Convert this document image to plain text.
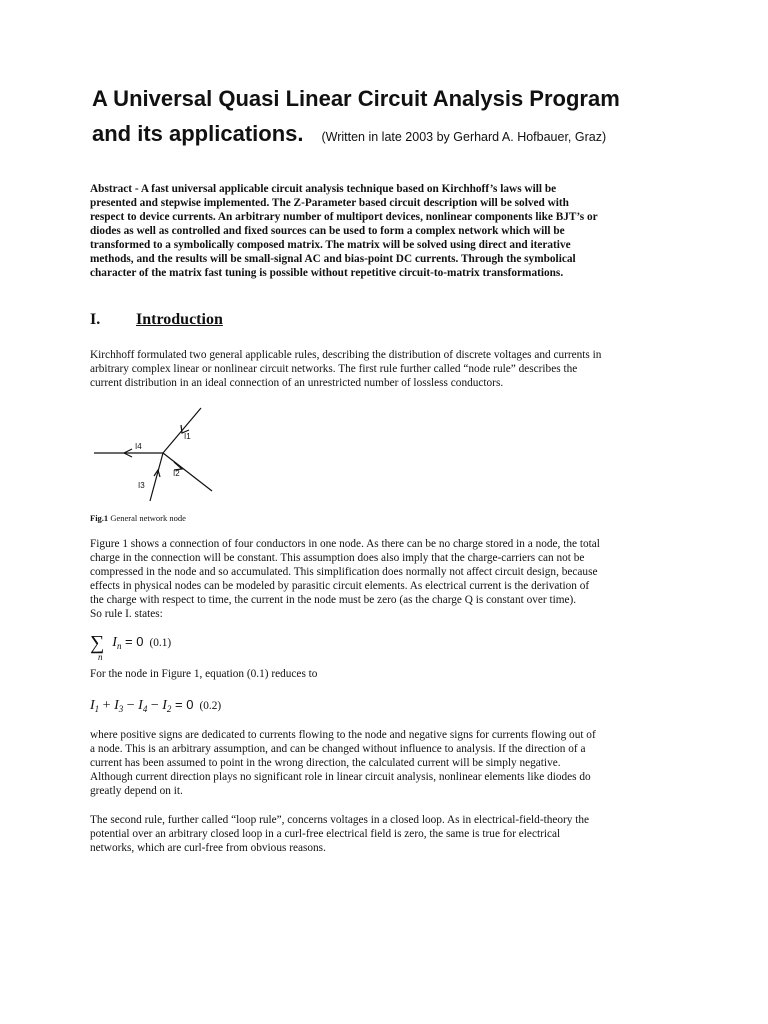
A Universal Quasi Linear Circuit Analysis Program
and its applications. (Written in late 2003 by Gerhard A. Hofbauer, Graz)
Abstract - A fast universal applicable circuit analysis technique based on Kirchhoff’s laws will be
presented and stepwise implemented. The Z-Parameter based circuit description will be solved with
respect to device currents. An arbitrary number of multiport devices, nonlinear components like BJT’s or
diodes as well as controlled and fixed sources can be used to form a complex network which will be
transformed to a symbolically composed matrix. The matrix will be solved using direct and iterative
methods, and the results will be small-signal AC and bias-point DC currents. Through the symbolical
character of the matrix fast tuning is possible without repetitive circuit-to-matrix transformations.
I. Introduction
Kirchhoff formulated two general applicable rules, describing the distribution of discrete voltages and currents in
arbitrary complex linear or nonlinear circuit networks. The first rule further called “node rule” describes the
current distribution in an ideal connection of an unrestricted number of lossless conductors.
I1
I2
I3
I4

Fig.1 General network node

Figure 1 shows a connection of four conductors in one node. As there can be no charge stored in a node, the total
charge in the connection will be constant. This assumption does also imply that the charge-carriers can not be
compressed in the node and so accumulated. This simplification does normally not affect circuit design, because
effects in physical nodes can be modeled by parasitic circuit elements. As electrical current is the derivation of
the charge with respect to time, the current in the node must be zero (as the charge Q is constant over time).
So rule I. states:
∑
n
$I_n = 0$ (0.1)

For the node in Figure 1, equation (0.1) reduces to

$I_1 + I_3 - I_4 - I_2 = 0$ (0.2)
where positive signs are dedicated to currents flowing to the node and negative signs for currents flowing out of
a node. This is an arbitrary assumption, and can be changed without influence to analysis. If the direction of a
current has been assumed to point in the wrong direction, the calculated current will be simply negative.
Although current direction plays no significant role in linear circuit analysis, nonlinear elements like diodes do
greatly depend on it.
The second rule, further called “loop rule”, concerns voltages in a closed loop. As in electrical-field-theory the
potential over an arbitrary closed loop in a curl-free electrical field is zero, the same is true for electrical
networks, which are curl-free from obvious reasons.
